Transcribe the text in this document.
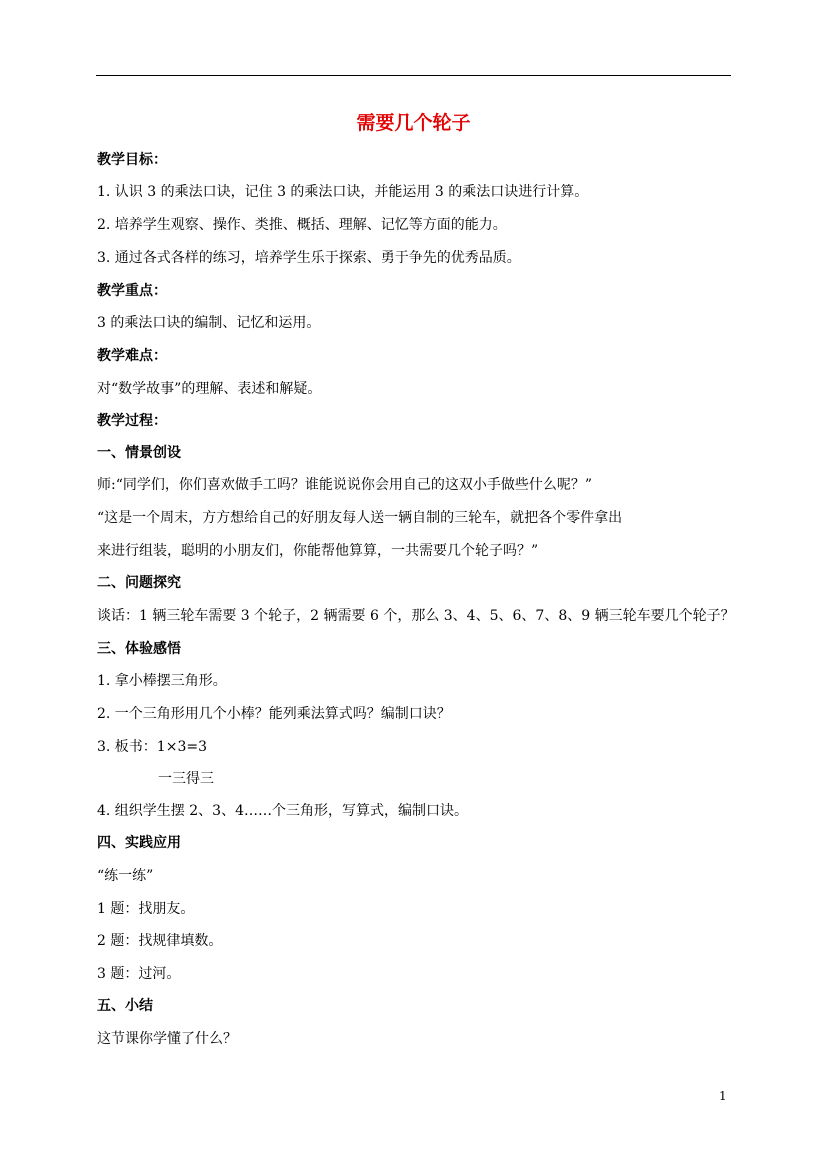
需要几个轮子
教学目标：
1. 认识 3 的乘法口诀，记住 3 的乘法口诀，并能运用 3 的乘法口诀进行计算。
2. 培养学生观察、操作、类推、概括、理解、记忆等方面的能力。
3. 通过各式各样的练习，培养学生乐于探索、勇于争先的优秀品质。
教学重点：
3 的乘法口诀的编制、记忆和运用。
教学难点：
对“数学故事”的理解、表述和解疑。
教学过程：
一、情景创设
师:“同学们，你们喜欢做手工吗？谁能说说你会用自己的这双小手做些什么呢？”
“这是一个周末，方方想给自己的好朋友每人送一辆自制的三轮车，就把各个零件拿出
来进行组装，聪明的小朋友们，你能帮他算算，一共需要几个轮子吗？”
二、问题探究
谈话：1 辆三轮车需要 3 个轮子，2 辆需要 6 个，那么 3、4、5、6、7、8、9 辆三轮车要几个轮子？
三、体验感悟
1. 拿小棒摆三角形。
2. 一个三角形用几个小棒？能列乘法算式吗？编制口诀？
3. 板书：1×3=3
一三得三
4. 组织学生摆 2、3、4……个三角形，写算式，编制口诀。
四、实践应用
“练一练”
1 题：找朋友。
2 题：找规律填数。
3 题：过河。
五、小结
这节课你学懂了什么？
1
